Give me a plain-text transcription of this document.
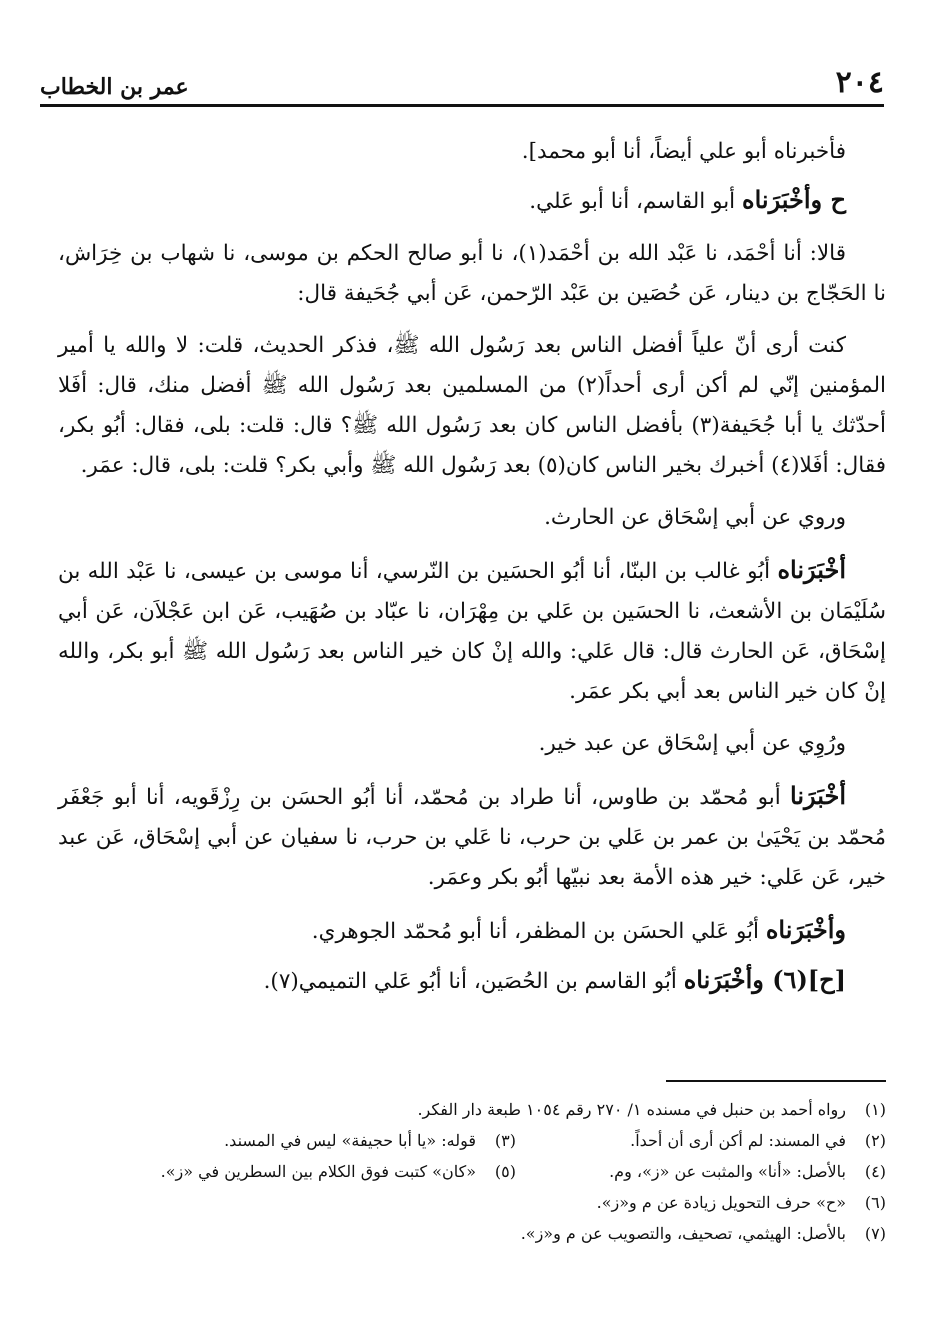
٢٠٤
عمر بن الخطاب

فأخبرناه أبو علي أيضاً، أنا أبو محمد].

ح وأخْبَرَناه أبو القاسم، أنا أبو عَلي.

قالا: أنا أحْمَد، نا عَبْد الله بن أحْمَد(١)، نا أبو صالح الحكم بن موسى، نا شهاب بن خِرَاش، نا الحَجّاج بن دينار، عَن حُصَين بن عَبْد الرّحمن، عَن أبي جُحَيفة قال:

كنت أرى أنّ علياً أفضل الناس بعد رَسُول الله ﷺ، فذكر الحديث، قلت: لا والله يا أمير المؤمنين إنّي لم أكن أرى أحداً(٢) من المسلمين بعد رَسُول الله ﷺ أفضل منك، قال: أفَلا أحدّثك يا أبا جُحَيفة(٣) بأفضل الناس كان بعد رَسُول الله ﷺ؟ قال: قلت: بلى، فقال: أبُو بكر، فقال: أفَلا(٤) أخبرك بخير الناس كان(٥) بعد رَسُول الله ﷺ وأبي بكر؟ قلت: بلى، قال: عمَر.

وروي عن أبي إسْحَاق عن الحارث.

أخْبَرَناه أبُو غالب بن البنّا، أنا أبُو الحسَين بن النّرسي، أنا موسى بن عيسى، نا عَبْد الله بن سُلَيْمَان بن الأشعث، نا الحسَين بن عَلي بن مِهْرَان، نا عبّاد بن صُهَيب، عَن ابن عَجْلاَن، عَن أبي إسْحَاق، عَن الحارث قال: قال عَلي: والله إنْ كان خير الناس بعد رَسُول الله ﷺ أبو بكر، والله إنْ كان خير الناس بعد أبي بكر عمَر.

ورُوِي عن أبي إسْحَاق عن عبد خير.

أخْبَرَنا أبو مُحمّد بن طاوس، أنا طراد بن مُحمّد، أنا أبُو الحسَن بن رِزْقَويه، أنا أبو جَعْفَر مُحمّد بن يَحْيَىٰ بن عمر بن عَلي بن حرب، نا عَلي بن حرب، نا سفيان عن أبي إسْحَاق، عَن عبد خير، عَن عَلي: خير هذه الأمة بعد نبيّها أبُو بكر وعمَر.

وأخْبَرَناه أبُو عَلي الحسَن بن المظفر، أنا أبو مُحمّد الجوهري.

[ح](٦) وأخْبَرَناه أبُو القاسم بن الحُصَين، أنا أبُو عَلي التميمي(٧).

(١)
رواه أحمد بن حنبل في مسنده ١/ ٢٧٠ رقم ١٠٥٤ طبعة دار الفكر.
(٢)
في المسند: لم أكن أرى أن أحداً.
(٣)
قوله: «يا أبا حجيفة» ليس في المسند.
(٤)
بالأصل: «أنا» والمثبت عن «ز»، وم.
(٥)
«كان» كتبت فوق الكلام بين السطرين في «ز».
(٦)
«ح» حرف التحويل زيادة عن م و«ز».
(٧)
بالأصل: الهيثمي، تصحيف، والتصويب عن م و«ز».
